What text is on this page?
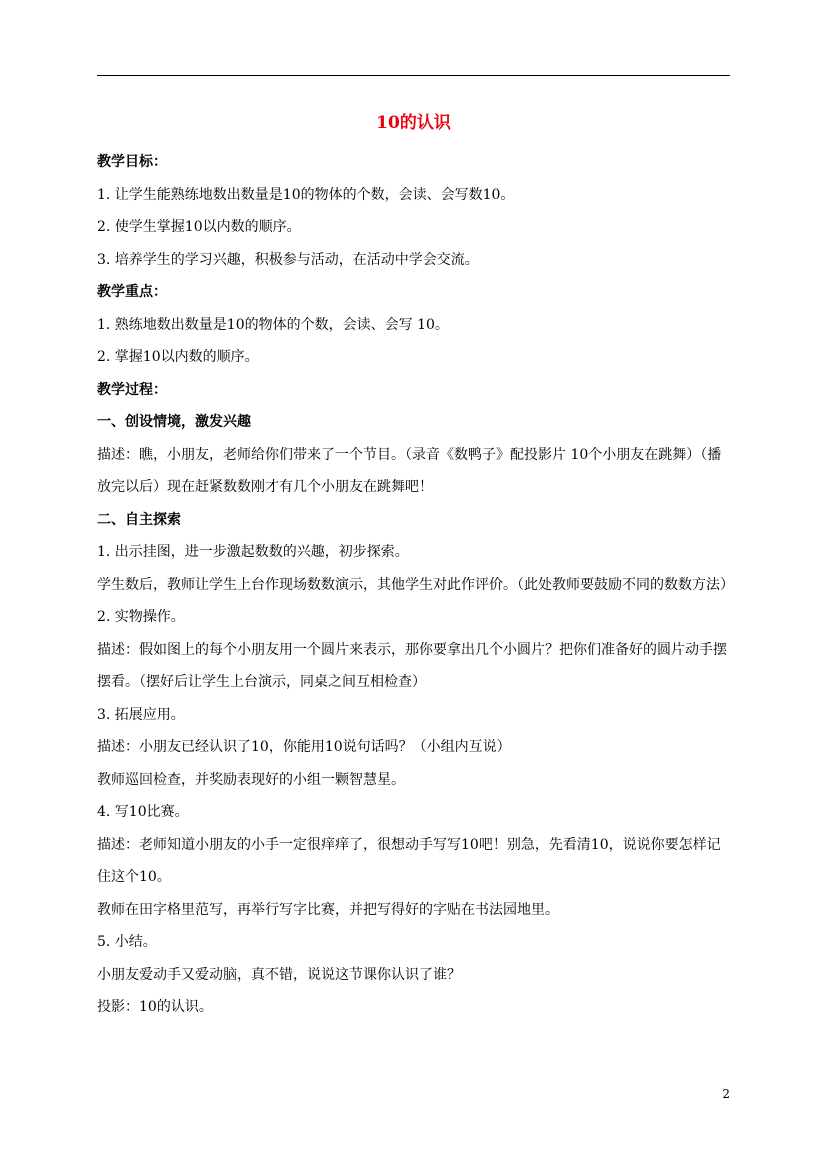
10的认识
教学目标：
1. 让学生能熟练地数出数量是10的物体的个数，会读、会写数10。
2. 使学生掌握10以内数的顺序。
3. 培养学生的学习兴趣，积极参与活动，在活动中学会交流。
教学重点：
1. 熟练地数出数量是10的物体的个数，会读、会写 10。
2. 掌握10以内数的顺序。
教学过程：
一、创设情境，激发兴趣
描述：瞧，小朋友，老师给你们带来了一个节目。（录音《数鸭子》配投影片 10个小朋友在跳舞）（播放完以后）现在赶紧数数刚才有几个小朋友在跳舞吧！
二、自主探索
1. 出示挂图，进一步激起数数的兴趣，初步探索。
学生数后，教师让学生上台作现场数数演示，其他学生对此作评价。（此处教师要鼓励不同的数数方法）
2. 实物操作。
描述：假如图上的每个小朋友用一个圆片来表示，那你要拿出几个小圆片？把你们准备好的圆片动手摆摆看。（摆好后让学生上台演示，同桌之间互相检查）
3. 拓展应用。
描述：小朋友已经认识了10，你能用10说句话吗？（小组内互说）
教师巡回检查，并奖励表现好的小组一颗智慧星。
4. 写10比赛。
描述：老师知道小朋友的小手一定很痒痒了，很想动手写写10吧！别急，先看清10，说说你要怎样记住这个10。
教师在田字格里范写，再举行写字比赛，并把写得好的字贴在书法园地里。
5. 小结。
小朋友爱动手又爱动脑，真不错，说说这节课你认识了谁？
投影：10的认识。
2
